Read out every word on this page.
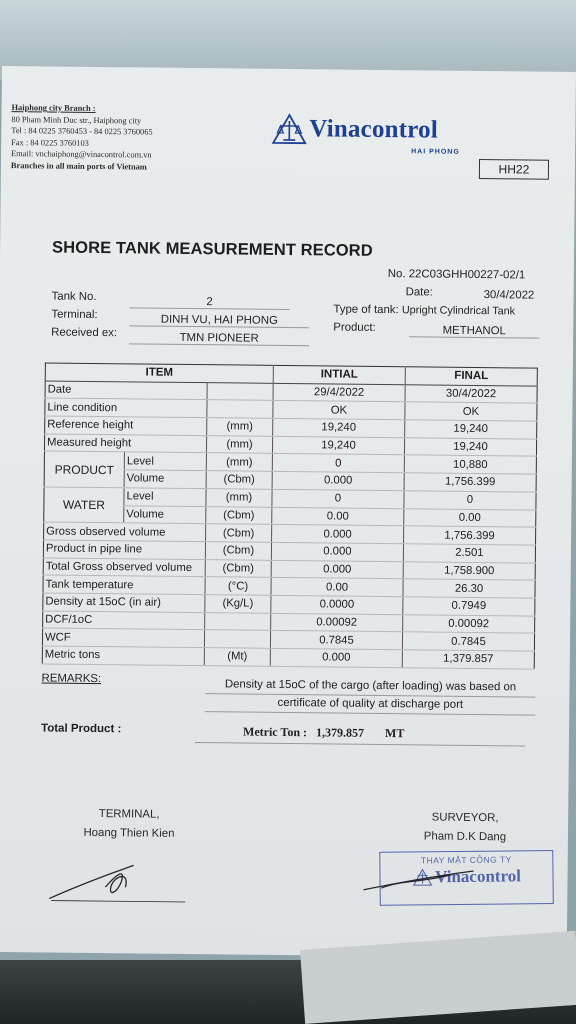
Haiphong city Branch :
80 Pham Minh Duc str., Haiphong city
Tel : 84 0225 3760453 - 84 0225 3760065
Fax : 84 0225 3760103
Email: vnchaiphong@vinacontrol.com.vn
Branches in all main ports of Vietnam
Vinacontrol
HAI PHONG
HH22
SHORE TANK MEASUREMENT RECORD
No. 22C03GHH00227-02/1
Date:	30/4/2022
Tank No.	2
Terminal:	DINH VU, HAI PHONG
Received ex:	TMN PIONEER
Type of tank: Upright Cylindrical Tank
Product:	METHANOL
ITEM			INTIAL	FINAL
Date			29/4/2022	30/4/2022
Line condition			OK	OK
Reference height		(mm)	19,240	19,240
Measured height		(mm)	19,240	19,240
PRODUCT	Level	(mm)	0	10,880
	Volume	(Cbm)	0.000	1,756.399
WATER	Level	(mm)	0	0
	Volume	(Cbm)	0.00	0.00
Gross observed volume		(Cbm)	0.000	1,756.399
Product in pipe line		(Cbm)	0.000	2.501
Total Gross observed volume		(Cbm)	0.000	1,758.900
Tank temperature		(°C)	0.00	26.30
Density at 15oC (in air)		(Kg/L)	0.0000	0.7949
DCF/1oC			0.00092	0.00092
WCF			0.7845	0.7845
Metric tons		(Mt)	0.000	1,379.857
REMARKS:	Density at 15oC of the cargo (after loading) was based on
certificate of quality at discharge port
Total Product :	Metric Ton : 1,379.857 MT
TERMINAL,
Hoang Thien Kien
SURVEYOR,
Pham D.K Dang
THAY MẶT CÔNG TY
Vinacontrol
